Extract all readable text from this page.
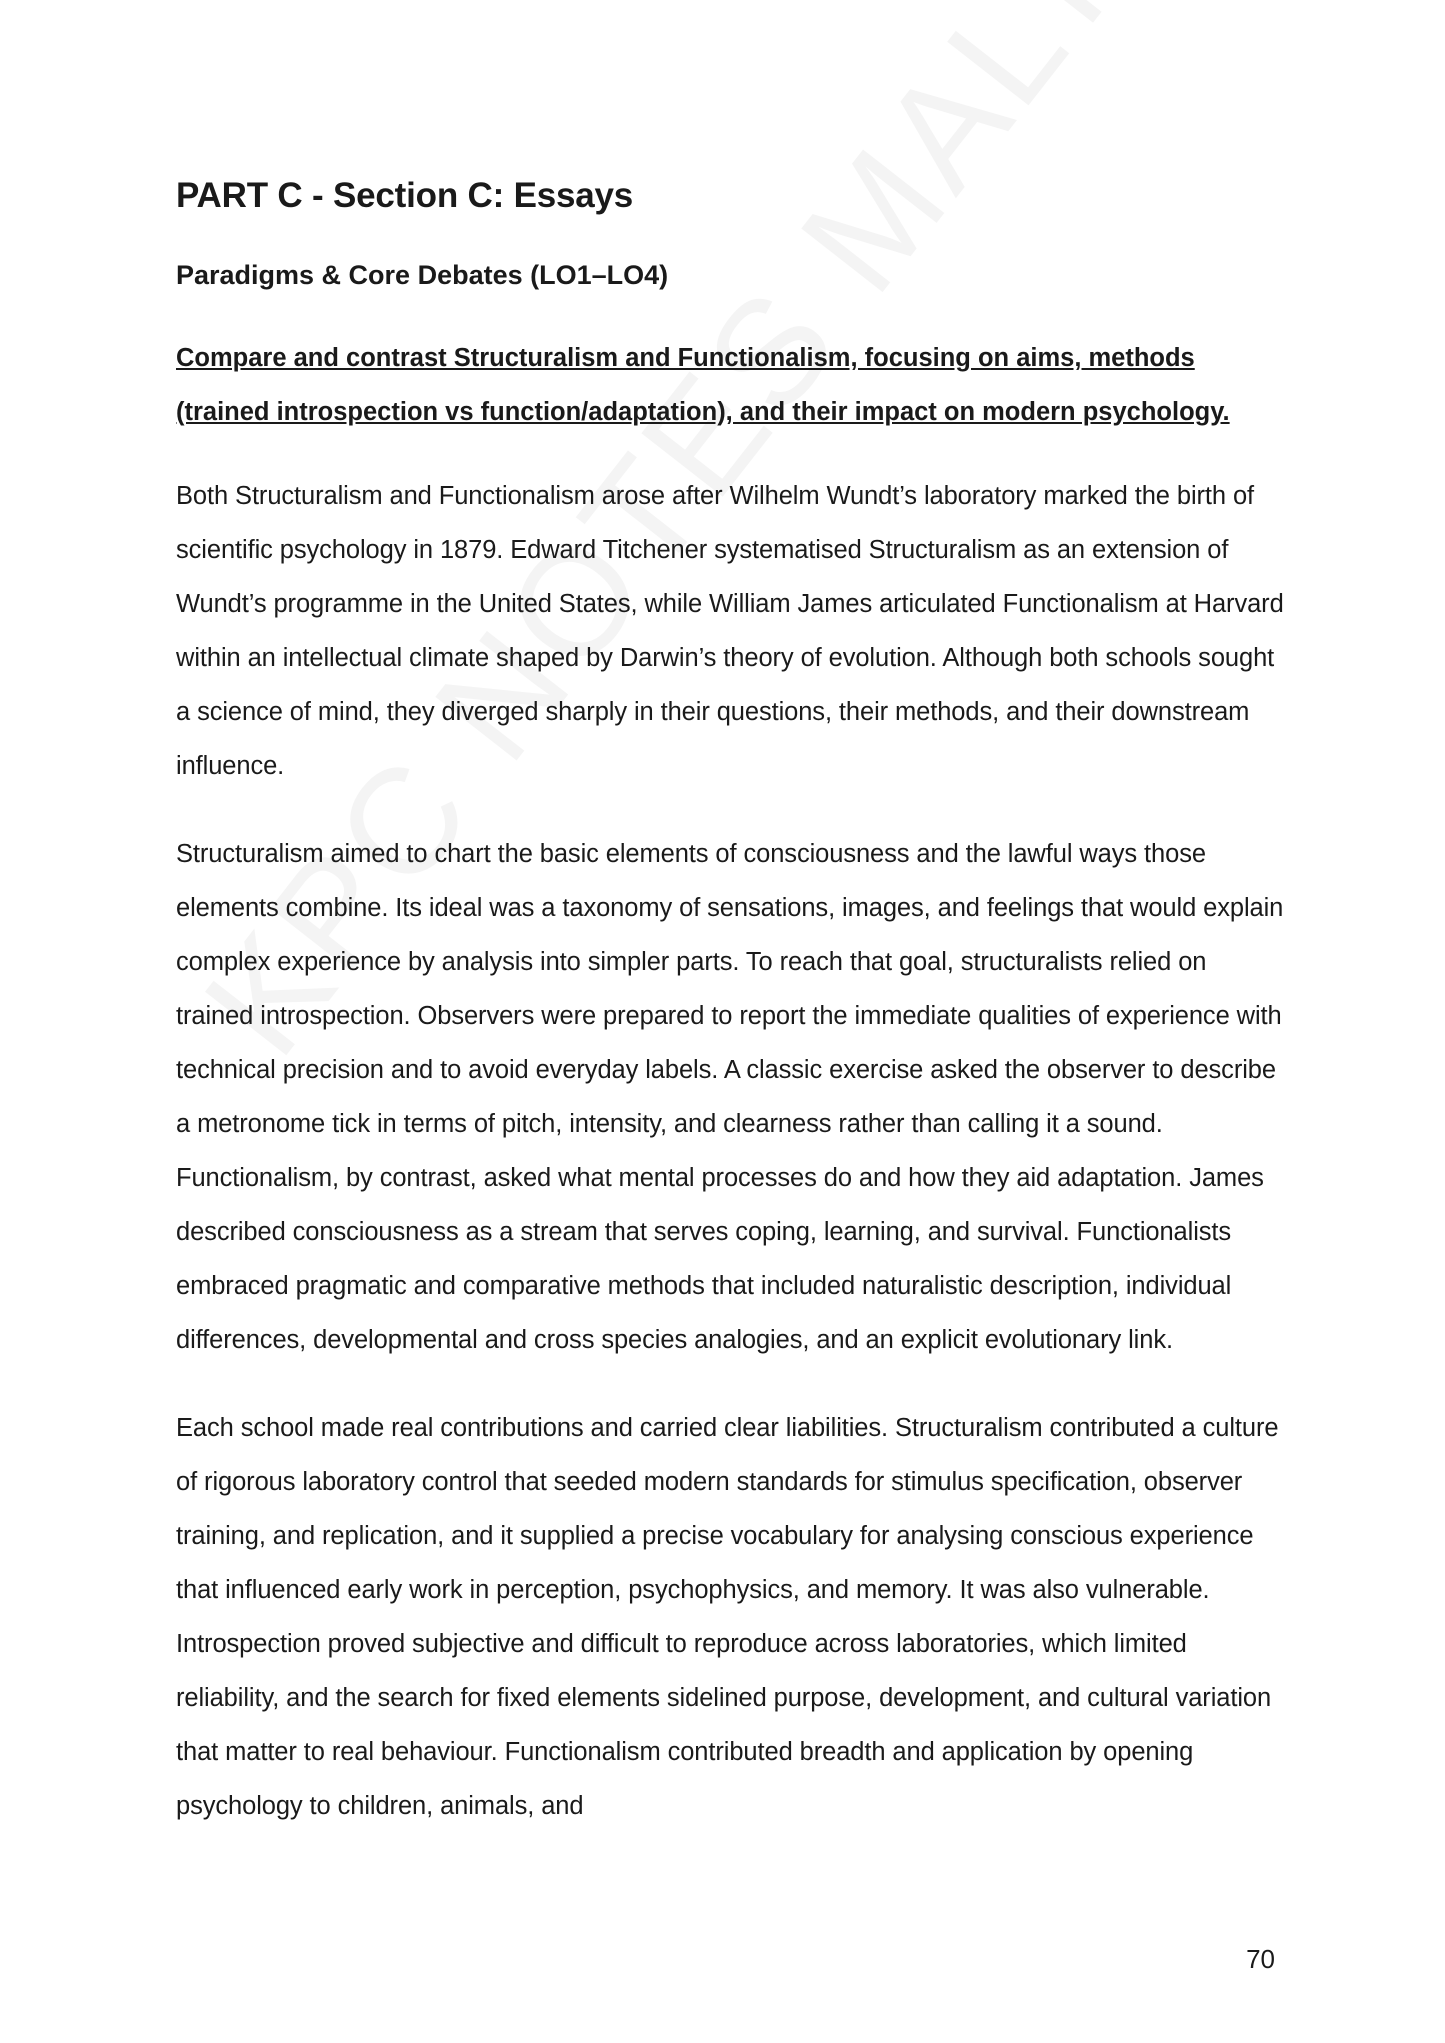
PART C - Section C: Essays
Paradigms & Core Debates (LO1–LO4)

Compare and contrast Structuralism and Functionalism, focusing on aims, methods (trained introspection vs function/adaptation), and their impact on modern psychology.

Both Structuralism and Functionalism arose after Wilhelm Wundt’s laboratory marked the birth of scientific psychology in 1879. Edward Titchener systematised Structuralism as an extension of Wundt’s programme in the United States, while William James articulated Functionalism at Harvard within an intellectual climate shaped by Darwin’s theory of evolution. Although both schools sought a science of mind, they diverged sharply in their questions, their methods, and their downstream influence.

Structuralism aimed to chart the basic elements of consciousness and the lawful ways those elements combine. Its ideal was a taxonomy of sensations, images, and feelings that would explain complex experience by analysis into simpler parts. To reach that goal, structuralists relied on trained introspection. Observers were prepared to report the immediate qualities of experience with technical precision and to avoid everyday labels. A classic exercise asked the observer to describe a metronome tick in terms of pitch, intensity, and clearness rather than calling it a sound. Functionalism, by contrast, asked what mental processes do and how they aid adaptation. James described consciousness as a stream that serves coping, learning, and survival. Functionalists embraced pragmatic and comparative methods that included naturalistic description, individual differences, developmental and cross species analogies, and an explicit evolutionary link.

Each school made real contributions and carried clear liabilities. Structuralism contributed a culture of rigorous laboratory control that seeded modern standards for stimulus specification, observer training, and replication, and it supplied a precise vocabulary for analysing conscious experience that influenced early work in perception, psychophysics, and memory. It was also vulnerable. Introspection proved subjective and difficult to reproduce across laboratories, which limited reliability, and the search for fixed elements sidelined purpose, development, and cultural variation that matter to real behaviour. Functionalism contributed breadth and application by opening psychology to children, animals, and

70
